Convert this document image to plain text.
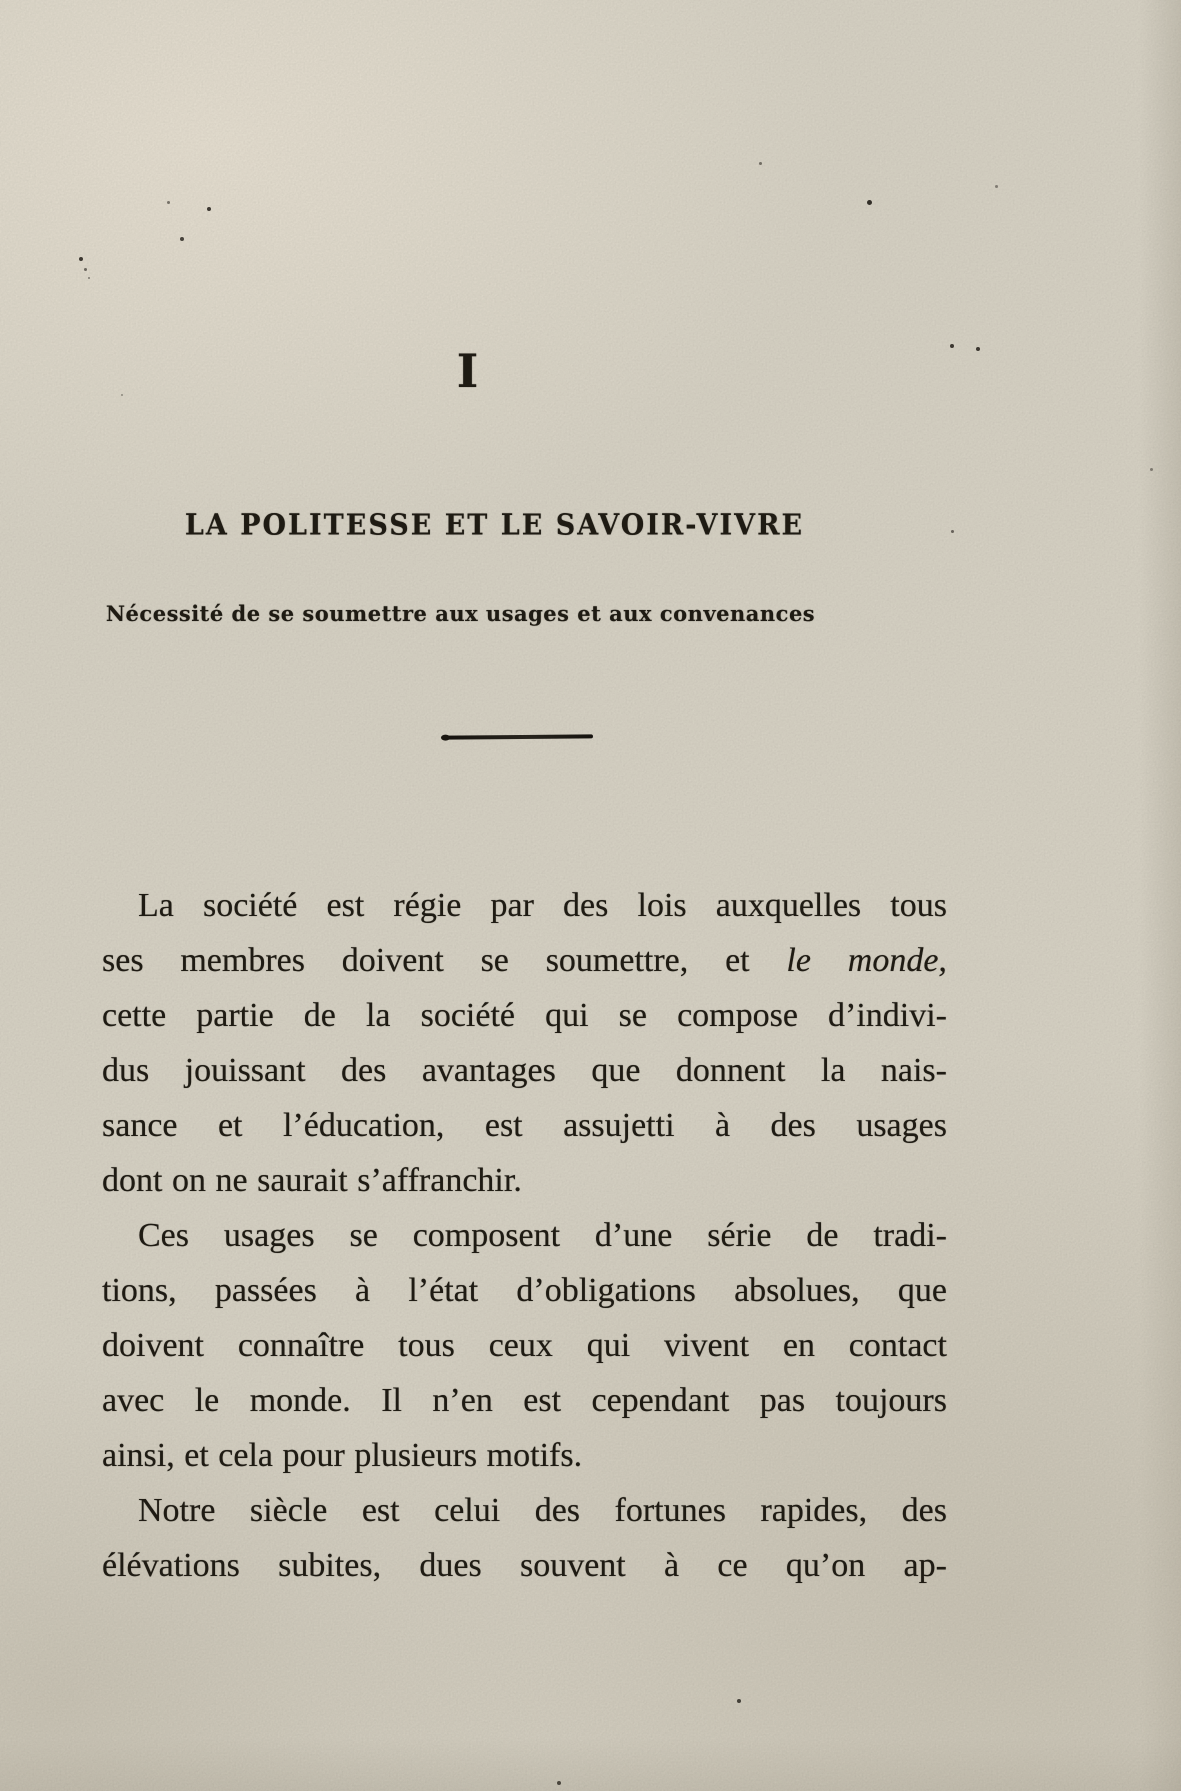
I
LA POLITESSE ET LE SAVOIR-VIVRE
Nécessité de se soumettre aux usages et aux convenances
La société est régie par des lois auxquelles tous
ses membres doivent se soumettre, et le monde,
cette partie de la société qui se compose d’indivi-
dus jouissant des avantages que donnent la nais-
sance et l’éducation, est assujetti à des usages
dont on ne saurait s’affranchir.
Ces usages se composent d’une série de tradi-
tions, passées à l’état d’obligations absolues, que
doivent connaître tous ceux qui vivent en contact
avec le monde. Il n’en est cependant pas toujours
ainsi, et cela pour plusieurs motifs.
Notre siècle est celui des fortunes rapides, des
élévations subites, dues souvent à ce qu’on ap-
